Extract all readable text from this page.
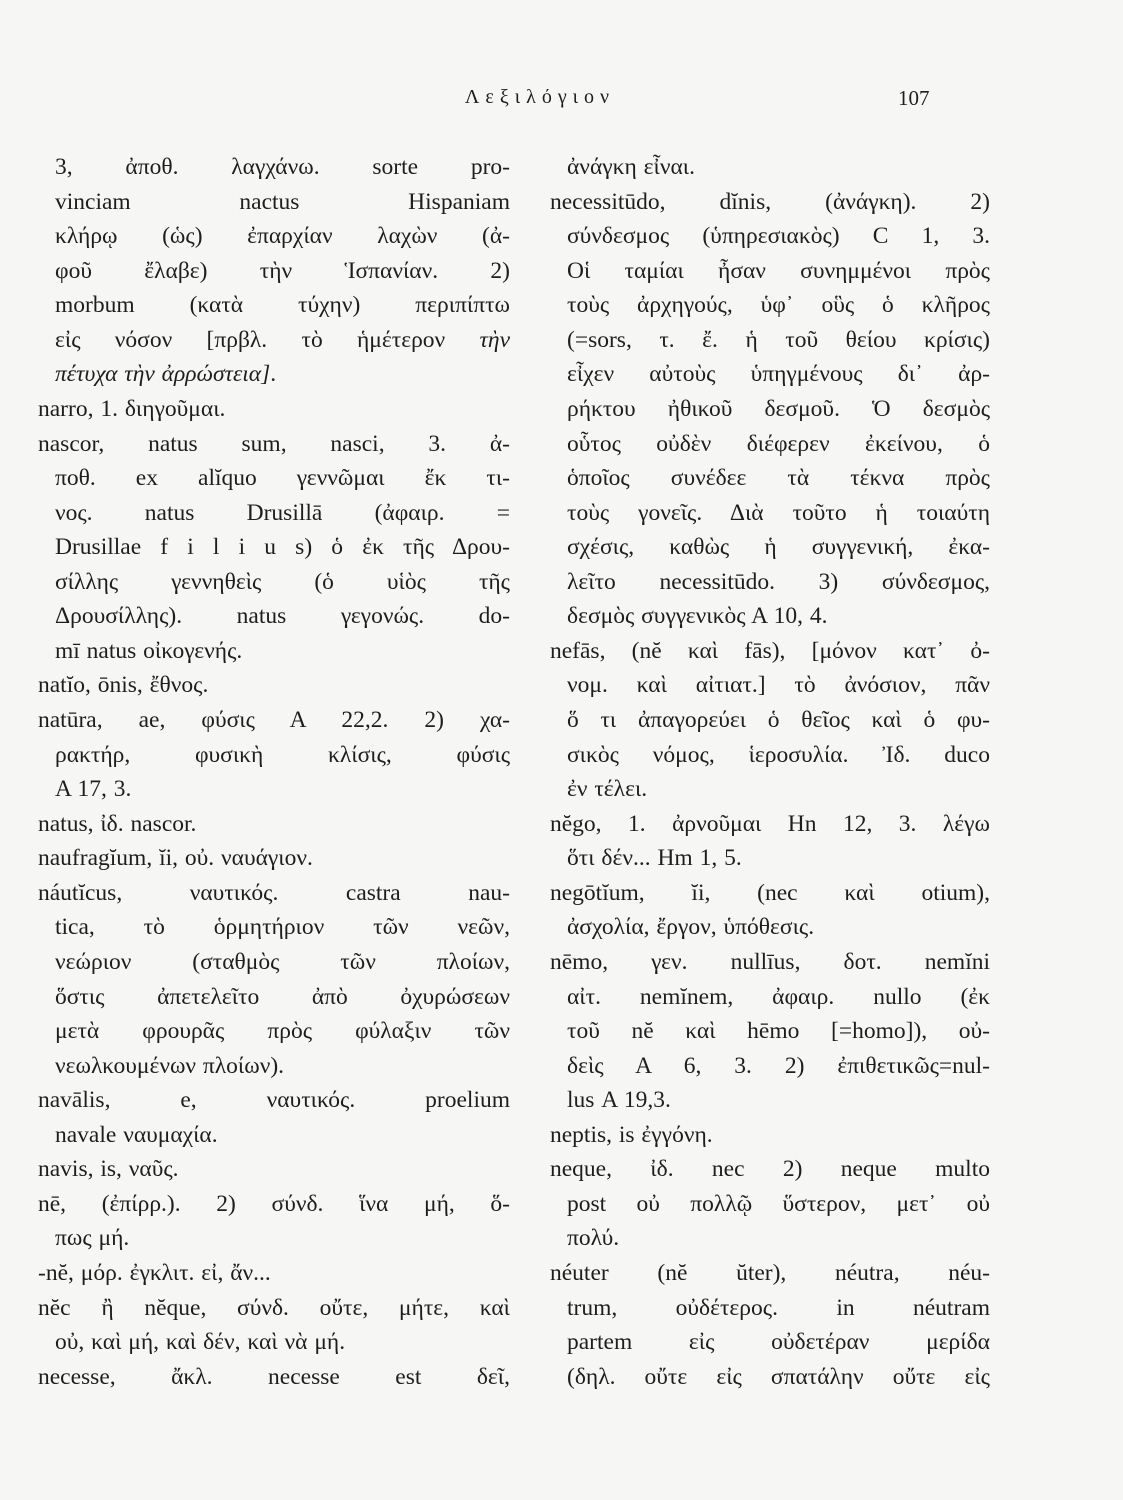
Λεξιλόγιον	107
3, ἀποθ. λαγχάνω. sorte pro-
vinciam nactus Hispaniam
κλήρῳ (ὡς) ἐπαρχίαν λαχὼν (ἀ-
φοῦ ἔλαβε) τὴν Ἱσπανίαν. 2)
morbum (κατὰ τύχην) περιπίπτω
εἰς νόσον [πρβλ. τὸ ἡμέτερον τὴν
πέτυχα τὴν ἀρρώστεια].
narro, 1. διηγοῦμαι.
nascor, natus sum, nasci, 3. ἀ-
ποθ. ex alĭquo γεννῶμαι ἔκ τι-
νος. natus Drusillā (ἀφαιρ. =
Drusillae f i l i u s) ὁ ἐκ τῆς Δρου-
σίλλης γεννηθεὶς (ὁ υἱὸς τῆς
Δρουσίλλης). natus γεγονώς. do-
mī natus οἰκογενής.
natĭo, ōnis, ἔθνος.
natūra, ae, φύσις Α 22,2. 2) χα-
ρακτήρ, φυσικὴ κλίσις, φύσις
A 17, 3.
natus, ἰδ. nascor.
naufragĭum, ĭi, οὐ. ναυάγιον.
náutĭcus, ναυτικός. castra nau-
tica, τὸ ὁρμητήριον τῶν νεῶν,
νεώριον (σταθμὸς τῶν πλοίων,
ὅστις ἀπετελεῖτο ἀπὸ ὀχυρώσεων
μετὰ φρουρᾶς πρὸς φύλαξιν τῶν
νεωλκουμένων πλοίων).
navālis, e, ναυτικός. proelium
navale ναυμαχία.
navis, is, ναῦς.
nē, (ἐπίρρ.). 2) σύνδ. ἵνα μή, ὅ-
πως μή.
-nĕ, μόρ. ἐγκλιτ. εἰ, ἄν...
nĕc ἢ nĕque, σύνδ. οὔτε, μήτε, καὶ
οὐ, καὶ μή, καὶ δέν, καὶ νὰ μή.
necesse, ἄκλ. necesse est δεῖ,
ἀνάγκη εἶναι.
necessitūdo, dĭnis, (ἀνάγκη). 2)
σύνδεσμος (ὑπηρεσιακὸς) C 1, 3.
Οἱ ταμίαι ἦσαν συνημμένοι πρὸς
τοὺς ἀρχηγούς, ὑφ᾽ οὓς ὁ κλῆρος
(=sors, τ. ἔ. ἡ τοῦ θείου κρίσις)
εἶχεν αὐτοὺς ὑπηγμένους δι᾽ ἀρ-
ρήκτου ἠθικοῦ δεσμοῦ. Ὁ δεσμὸς
οὗτος οὐδὲν διέφερεν ἐκείνου, ὁ
ὁποῖος συνέδεε τὰ τέκνα πρὸς
τοὺς γονεῖς. Διὰ τοῦτο ἡ τοιαύτη
σχέσις, καθὼς ἡ συγγενική, ἐκα-
λεῖτο necessitūdo. 3) σύνδεσμος,
δεσμὸς συγγενικὸς Α 10, 4.
nefās, (nĕ καὶ fās), [μόνον κατ᾽ ὀ-
νομ. καὶ αἰτιατ.] τὸ ἀνόσιον, πᾶν
ὅ τι ἀπαγορεύει ὁ θεῖος καὶ ὁ φυ-
σικὸς νόμος, ἱεροσυλία. Ἰδ. duco
ἐν τέλει.
nĕgo, 1. ἀρνοῦμαι Hn 12, 3. λέγω
ὅτι δέν... Hm 1, 5.
negōtĭum, ĭi, (nec καὶ otium),
ἀσχολία, ἔργον, ὑπόθεσις.
nēmo, γεν. nullīus, δοτ. nemĭni
αἰτ. nemĭnem, ἀφαιρ. nullo (ἐκ
τοῦ nĕ καὶ hēmo [=homo]), οὐ-
δεὶς Α 6, 3. 2) ἐπιθετικῶς=nul-
lus Α 19,3.
neptis, is ἐγγόνη.
neque, ἰδ. nec 2) neque multo
post οὐ πολλῷ ὕστερον, μετ᾽ οὐ
πολύ.
néuter (nĕ ŭter), néutra, néu-
trum, οὐδέτερος. in néutram
partem εἰς οὐδετέραν μερίδα
(δηλ. οὔτε εἰς σπατάλην οὔτε εἰς
